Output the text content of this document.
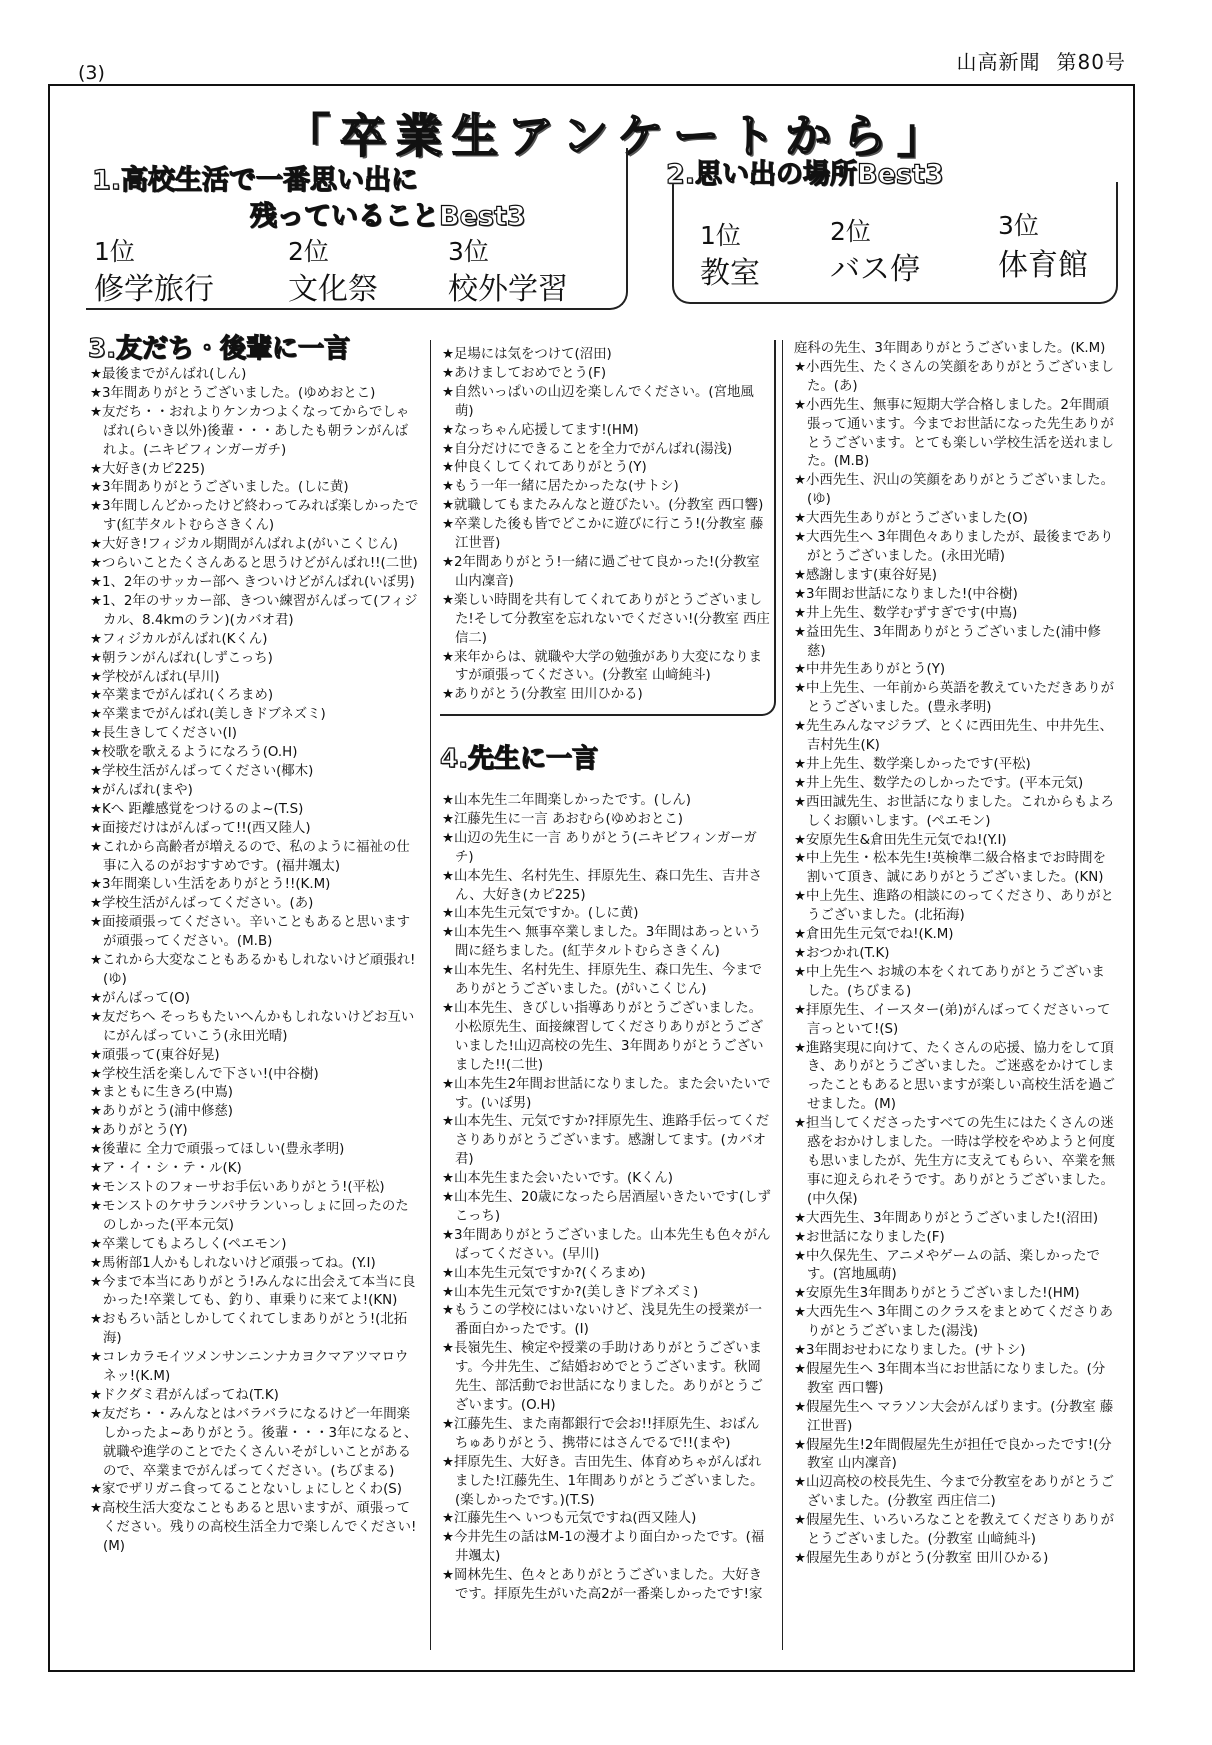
(3)	山高新聞 第80号
「卒業生アンケートから」
1.高校生活で一番思い出に
残っていることBest3
1位
修学旅行
2位
文化祭
3位
校外学習
2.思い出の場所Best3
1位
教室
2位
バス停
3位
体育館
3.友だち・後輩に一言

★最後までがんばれ(しん)

★3年間ありがとうございました。(ゆめおとこ)

★友だち・・おれよりケンカつよくなってからでしゃばれ(らいき以外)後輩・・・あしたも朝ランがんばれよ。(ニキビフィンガーガチ)

★大好き(カピ225)

★3年間ありがとうございました。(しに黄)

★3年間しんどかったけど終わってみれば楽しかったです(紅芋タルトむらさきくん)

★大好き!フィジカル期間がんばれよ(がいこくじん)

★つらいことたくさんあると思うけどがんばれ!!(二世)

★1、2年のサッカー部へ きついけどがんばれ(いぼ男)

★1、2年のサッカー部、きつい練習がんばって(フィジカル、8.4kmのラン)(カバオ君)

★フィジカルがんばれ(Kくん)

★朝ランがんばれ(しずこっち)

★学校がんばれ(早川)

★卒業までがんばれ(くろまめ)

★卒業までがんばれ(美しきドブネズミ)

★長生きしてください(I)

★校歌を歌えるようになろう(O.H)

★学校生活がんばってください(椰木)

★がんばれ(まや)

★Kへ 距離感覚をつけるのよ~(T.S)

★面接だけはがんばって!!(西又陸人)

★これから高齢者が増えるので、私のように福祉の仕事に入るのがおすすめです。(福井颯太)

★3年間楽しい生活をありがとう!!(K.M)

★学校生活がんばってください。(あ)

★面接頑張ってください。辛いこともあると思いますが頑張ってください。(M.B)

★これから大変なこともあるかもしれないけど頑張れ!(ゆ)

★がんばって(O)

★友だちへ そっちもたいへんかもしれないけどお互いにがんばっていこう(永田光晴)

★頑張って(東谷好晃)

★学校生活を楽しんで下さい!(中谷樹)

★まともに生きろ(中嶌)

★ありがとう(浦中修慈)

★ありがとう(Y)

★後輩に 全力で頑張ってほしい(豊永孝明)

★ア・イ・シ・テ・ル(K)

★モンストのフォーサお手伝いありがとう!(平松)

★モンストのケサランパサランいっしょに回ったのたのしかった(平本元気)

★卒業してもよろしく(ペエモン)

★馬術部1人かもしれないけど頑張ってね。(Y.I)

★今まで本当にありがとう!みんなに出会えて本当に良かった!卒業しても、釣り、車乗りに来てよ!(KN)

★おもろい話としかしてくれてしまありがとう!(北拓海)

★コレカラモイツメンサンニンナカヨクマアツマロウネッ!(K.M)

★ドクダミ君がんばってね(T.K)

★友だち・・みんなとはバラバラになるけど一年間楽しかったよ~ありがとう。後輩・・・3年になると、就職や進学のことでたくさんいそがしいことがあるので、卒業までがんばってください。(ちびまる)

★家でザリガニ食ってることないしょにしとくわ(S)

★高校生活大変なこともあると思いますが、頑張ってください。残りの高校生活全力で楽しんでください!(M)

★足場には気をつけて(沼田)

★あけましておめでとう(F)

★自然いっぱいの山辺を楽しんでください。(宮地風萌)

★なっちゃん応援してます!(HM)

★自分だけにできることを全力でがんばれ(湯浅)

★仲良くしてくれてありがとう(Y)

★もう一年一緒に居たかったな(サトシ)

★就職してもまたみんなと遊びたい。(分教室 西口響)

★卒業した後も皆でどこかに遊びに行こう!(分教室 藤江世晋)

★2年間ありがとう!一緒に過ごせて良かった!(分教室 山内凜音)

★楽しい時間を共有してくれてありがとうございました!そして分教室を忘れないでください!(分教室 西庄信二)

★来年からは、就職や大学の勉強があり大変になりますが頑張ってください。(分教室 山﨑純斗)

★ありがとう(分教室 田川ひかる)

4.先生に一言

★山本先生二年間楽しかったです。(しん)

★江藤先生に一言 あおむら(ゆめおとこ)

★山辺の先生に一言 ありがとう(ニキビフィンガーガチ)

★山本先生、名村先生、拝原先生、森口先生、吉井さん、大好き(カピ225)

★山本先生元気ですか。(しに黄)

★山本先生へ 無事卒業しました。3年間はあっという間に経ちました。(紅芋タルトむらさきくん)

★山本先生、名村先生、拝原先生、森口先生、今までありがとうございました。(がいこくじん)

★山本先生、きびしい指導ありがとうございました。小松原先生、面接練習してくださりありがとうございました!山辺高校の先生、3年間ありがとうございました!!(二世)

★山本先生2年間お世話になりました。また会いたいです。(いぼ男)

★山本先生、元気ですか?拝原先生、進路手伝ってくださりありがとうございます。感謝してます。(カバオ君)

★山本先生また会いたいです。(Kくん)

★山本先生、20歳になったら居酒屋いきたいです(しずこっち)

★3年間ありがとうございました。山本先生も色々がんばってください。(早川)

★山本先生元気ですか?(くろまめ)

★山本先生元気ですか?(美しきドブネズミ)

★もうこの学校にはいないけど、浅見先生の授業が一番面白かったです。(I)

★長嶺先生、検定や授業の手助けありがとうございます。今井先生、ご結婚おめでとうございます。秋岡先生、部活動でお世話になりました。ありがとうございます。(O.H)

★江藤先生、また南都銀行で会お!!拝原先生、おばんちゅありがとう、携帯にはさんでるで!!(まや)

★拝原先生、大好き。吉田先生、体育めちゃがんばれました!江藤先生、1年間ありがとうございました。(楽しかったです。)(T.S)

★江藤先生へ いつも元気ですね(西又陸人)

★今井先生の話はM-1の漫才より面白かったです。(福井颯太)

★岡林先生、色々とありがとうございました。大好きです。拝原先生がいた高2が一番楽しかったです!家

庭科の先生、3年間ありがとうございました。(K.M)

★小西先生、たくさんの笑顔をありがとうございました。(あ)

★小西先生、無事に短期大学合格しました。2年間頑張って通います。今までお世話になった先生ありがとうございます。とても楽しい学校生活を送れました。(M.B)

★小西先生、沢山の笑顔をありがとうございました。(ゆ)

★大西先生ありがとうございました(O)

★大西先生へ 3年間色々ありましたが、最後までありがとうございました。(永田光晴)

★感謝します(東谷好晃)

★3年間お世話になりました!(中谷樹)

★井上先生、数学むずすぎです(中嶌)

★益田先生、3年間ありがとうございました(浦中修慈)

★中井先生ありがとう(Y)

★中上先生、一年前から英語を教えていただきありがとうございました。(豊永孝明)

★先生みんなマジラブ、とくに西田先生、中井先生、吉村先生(K)

★井上先生、数学楽しかったです(平松)

★井上先生、数学たのしかったです。(平本元気)

★西田誠先生、お世話になりました。これからもよろしくお願いします。(ペエモン)

★安原先生&倉田先生元気でね!(Y.I)

★中上先生・松本先生!英検準二級合格までお時間を割いて頂き、誠にありがとうございました。(KN)

★中上先生、進路の相談にのってくださり、ありがとうございました。(北拓海)

★倉田先生元気でね!(K.M)

★おつかれ(T.K)

★中上先生へ お城の本をくれてありがとうございました。(ちびまる)

★拝原先生、イースター(弟)がんばってくださいって言っといて!(S)

★進路実現に向けて、たくさんの応援、協力をして頂き、ありがとうございました。ご迷惑をかけてしまったこともあると思いますが楽しい高校生活を過ごせました。(M)

★担当してくださったすべての先生にはたくさんの迷惑をおかけしました。一時は学校をやめようと何度も思いましたが、先生方に支えてもらい、卒業を無事に迎えられそうです。ありがとうございました。(中久保)

★大西先生、3年間ありがとうございました!(沼田)

★お世話になりました(F)

★中久保先生、アニメやゲームの話、楽しかったです。(宮地風萌)

★安原先生3年間ありがとうございました!(HM)

★大西先生へ 3年間このクラスをまとめてくださりありがとうございました(湯浅)

★3年間おせわになりました。(サトシ)

★假屋先生へ 3年間本当にお世話になりました。(分教室 西口響)

★假屋先生へ マラソン大会がんばります。(分教室 藤江世晋)

★假屋先生!2年間假屋先生が担任で良かったです!(分教室 山内凜音)

★山辺高校の校長先生、今まで分教室をありがとうございました。(分教室 西庄信二)

★假屋先生、いろいろなことを教えてくださりありがとうございました。(分教室 山﨑純斗)

★假屋先生ありがとう(分教室 田川ひかる)
